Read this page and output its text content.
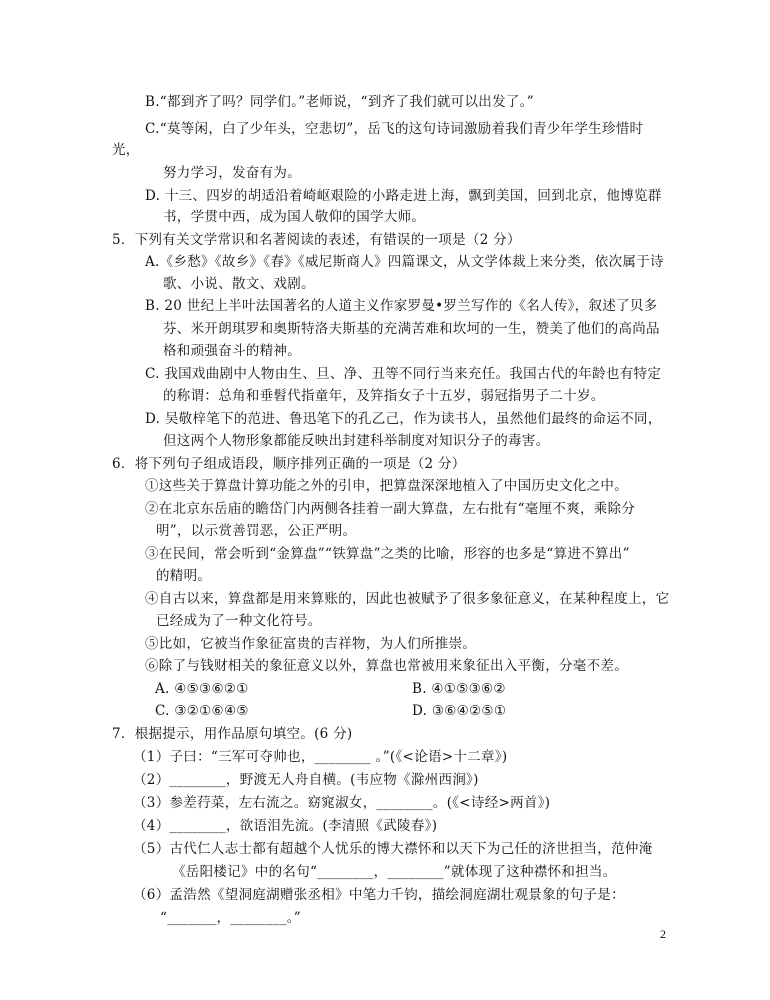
B.“都到齐了吗？同学们。”老师说，“到齐了我们就可以出发了。”
C.“莫等闲，白了少年头，空悲切”，岳飞的这句诗词激励着我们青少年学生珍惜时
光，
努力学习，发奋有为。
D. 十三、四岁的胡适沿着崎岖艰险的小路走进上海，飘到美国，回到北京，他博览群
书，学贯中西，成为国人敬仰的国学大师。
5．下列有关文学常识和名著阅读的表述，有错误的一项是（2 分）
A.《乡愁》《故乡》《春》《威尼斯商人》四篇课文，从文学体裁上来分类，依次属于诗
歌、小说、散文、戏剧。
B. 20 世纪上半叶法国著名的人道主义作家罗曼•罗兰写作的《名人传》，叙述了贝多
芬、米开朗琪罗和奥斯特洛夫斯基的充满苦难和坎坷的一生，赞美了他们的高尚品
格和顽强奋斗的精神。
C. 我国戏曲剧中人物由生、旦、净、丑等不同行当来充任。我国古代的年龄也有特定
的称谓：总角和垂髫代指童年，及笄指女子十五岁，弱冠指男子二十岁。
D. 吴敬梓笔下的范进、鲁迅笔下的孔乙己，作为读书人，虽然他们最终的命运不同，
但这两个人物形象都能反映出封建科举制度对知识分子的毒害。
6．将下列句子组成语段，顺序排列正确的一项是（2 分）
①这些关于算盘计算功能之外的引申，把算盘深深地植入了中国历史文化之中。
②在北京东岳庙的瞻岱门内两侧各挂着一副大算盘，左右批有“毫厘不爽，乘除分
明”，以示赏善罚恶，公正严明。
③在民间，常会听到“金算盘”“铁算盘”之类的比喻，形容的也多是“算进不算出”
的精明。
④自古以来，算盘都是用来算账的，因此也被赋予了很多象征意义，在某种程度上，它
已经成为了一种文化符号。
⑤比如，它被当作象征富贵的吉祥物，为人们所推崇。
⑥除了与钱财相关的象征意义以外，算盘也常被用来象征出入平衡，分毫不差。
A. ④⑤③⑥②①	B. ④①⑤③⑥②
C. ③②①⑥④⑤	D. ③⑥④②⑤①
7．根据提示，用作品原句填空。(6 分)
（1）子曰：“三军可夺帅也，________ 。”(《<论语>十二章》)
（2）________，野渡无人舟自横。(韦应物《滁州西涧》)
（3）参差荇菜，左右流之。窈窕淑女，________。(《<诗经>两首》)
（4）________，欲语泪先流。(李清照《武陵春》)
（5）古代仁人志士都有超越个人忧乐的博大襟怀和以天下为己任的济世担当，范仲淹
《岳阳楼记》中的名句“________，________”就体现了这种襟怀和担当。
（6）孟浩然《望洞庭湖赠张丞相》中笔力千钧，描绘洞庭湖壮观景象的句子是：
“_______，________。”
2
